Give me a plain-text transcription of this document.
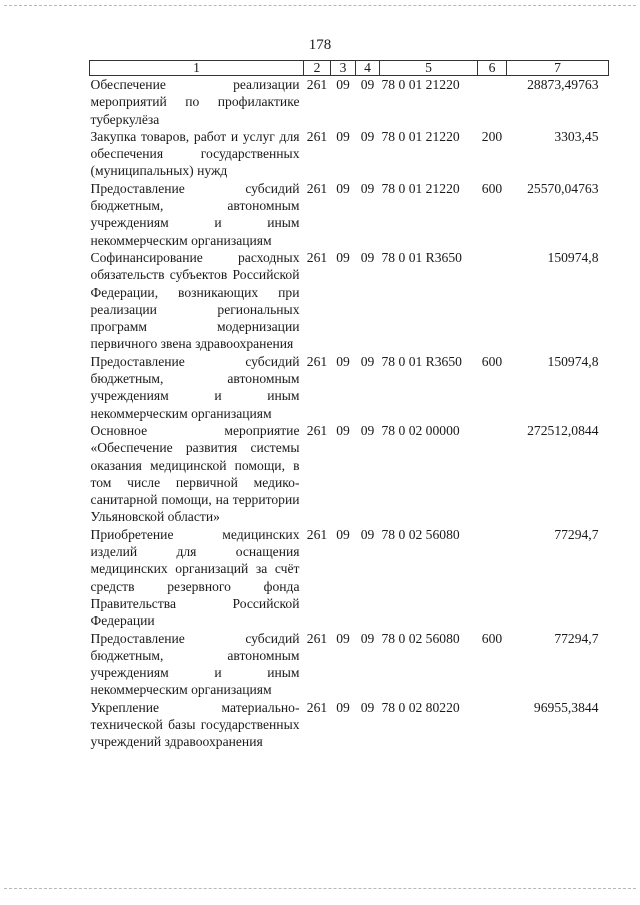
178
1	2	3	4	5	6	7
Обеспечение реализации мероприятий по профилактике туберкулёза	261	09	09	78 0 01 21220		28873,49763
Закупка товаров, работ и услуг для обеспечения государственных (муниципальных) нужд	261	09	09	78 0 01 21220	200	3303,45
Предоставление субсидий бюджетным, автономным учреждениям и иным некоммерческим организациям	261	09	09	78 0 01 21220	600	25570,04763
Софинансирование расходных обязательств субъектов Российской Федерации, возникающих при реализации региональных программ модернизации первичного звена здравоохранения	261	09	09	78 0 01 R3650		150974,8
Предоставление субсидий бюджетным, автономным учреждениям и иным некоммерческим организациям	261	09	09	78 0 01 R3650	600	150974,8
Основное мероприятие «Обеспечение развития системы оказания медицинской помощи, в том числе первичной медико-санитарной помощи, на территории Ульяновской области»	261	09	09	78 0 02 00000		272512,0844
Приобретение медицинских изделий для оснащения медицинских организаций за счёт средств резервного фонда Правительства Российской Федерации	261	09	09	78 0 02 56080		77294,7
Предоставление субсидий бюджетным, автономным учреждениям и иным некоммерческим организациям	261	09	09	78 0 02 56080	600	77294,7
Укрепление материально-технической базы государственных учреждений здравоохранения	261	09	09	78 0 02 80220		96955,3844
